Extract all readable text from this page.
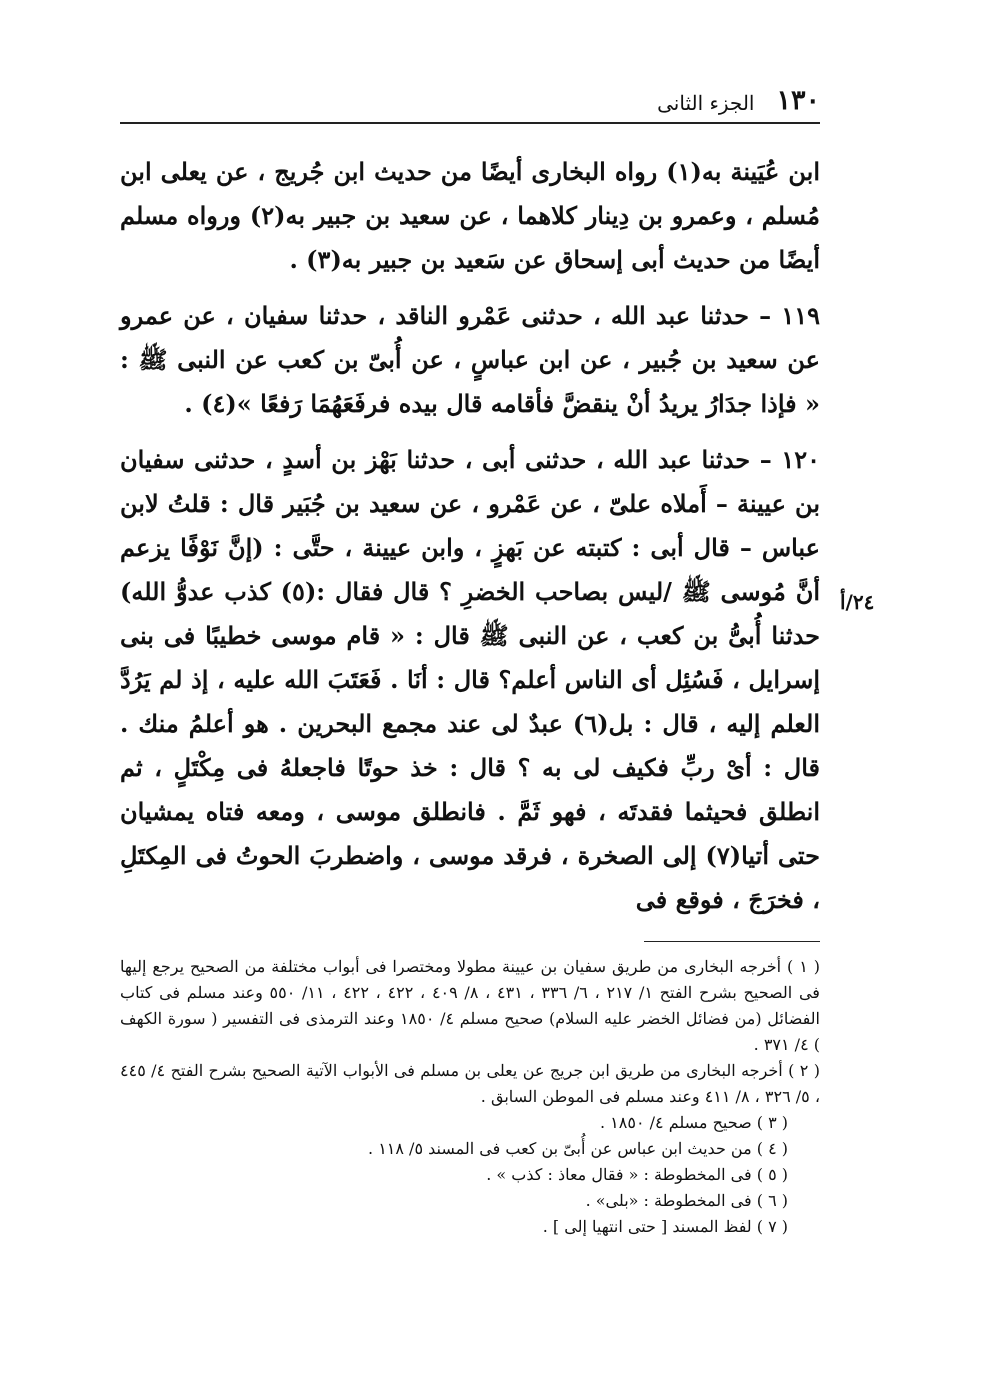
١٣٠
الجزء الثانى
٢٤/أ

ابن عُيَينة به(١) رواه البخارى أيضًا من حديث ابن جُريج ، عن يعلى ابن مُسلم ، وعمرو بن دِينار كلاهما ، عن سعيد بن جبير به(٢) ورواه مسلم أيضًا من حديث أبى إسحاق عن سَعيد بن جبير به(٣) .

١١٩ – حدثنا عبد الله ، حدثنى عَمْرو الناقد ، حدثنا سفيان ، عن عمرو عن سعيد بن جُبير ، عن ابن عباسٍ ، عن أُبىّ بن كعب عن النبى ﷺ : « فإذا جدَارُ يريدُ أنْ ينقضَّ فأقامه قال بيده فرفَعَهُمَا رَفعًا »(٤) .

١٢٠ – حدثنا عبد الله ، حدثنى أبى ، حدثنا بَهْز بن أسدٍ ، حدثنى سفيان بن عيينة – أَملاه علىّ ، عن عَمْرو ، عن سعيد بن جُبَير قال : قلتُ لابن عباس – قال أبى : كتبته عن بَهزٍ ، وابن عيينة ، حتَّى : (إنَّ نَوْفًا يزعم أنَّ مُوسى ﷺ /ليس بصاحب الخضرِ ؟ قال فقال :(٥) كذب عدوُّ الله) حدثنا أُبىُّ بن كعب ، عن النبى ﷺ قال : « قام موسى خطيبًا فى بنى إسرايل ، فَسُئِل أى الناس أعلم؟ قال : أنَا . فَعَتَبَ الله عليه ، إذ لم يَرُدَّ العلم إليه ، قال : بل(٦) عبدٌ لى عند مجمع البحرين . هو أعلمُ منك . قال : أىْ ربِّ فكيف لى به ؟ قال : خذ حوتًا فاجعلهُ فى مِكْتَلٍ ، ثم انطلق فحيثما فقدتَه ، فهو ثَمَّ . فانطلق موسى ، ومعه فتاه يمشيان حتى أتيا(٧) إلى الصخرة ، فرقد موسى ، واضطربَ الحوتُ فى المِكتَلِ ، فخرَجَ ، فوقع فى

( ١ ) أخرجه البخارى من طريق سفيان بن عيينة مطولا ومختصرا فى أبواب مختلفة من الصحيح يرجع إليها فى الصحيح بشرح الفتح ١/ ٢١٧ ، ٦/ ٣٣٦ ، ٤٣١ ، ٨/ ٤٠٩ ، ٤٢٢ ، ٤٢٢ ، ١١/ ٥٥٠ وعند مسلم فى كتاب الفضائل (من فضائل الخضر عليه السلام) صحيح مسلم ٤/ ١٨٥٠ وعند الترمذى فى التفسير ( سورة الكهف ) ٤/ ٣٧١ .

( ٢ ) أخرجه البخارى من طريق ابن جريج عن يعلى بن مسلم فى الأبواب الآتية الصحيح بشرح الفتح ٤/ ٤٤٥ ، ٥/ ٣٢٦ ، ٨/ ٤١١ وعند مسلم فى الموطن السابق .

( ٣ ) صحيح مسلم ٤/ ١٨٥٠ .

( ٤ ) من حديث ابن عباس عن أُبىّ بن كعب فى المسند ٥/ ١١٨ .

( ٥ ) فى المخطوطة : « فقال معاذ : كذب » .

( ٦ ) فى المخطوطة : «بلى» .

( ٧ ) لفظ المسند [ حتى انتهيا إلى ] .
